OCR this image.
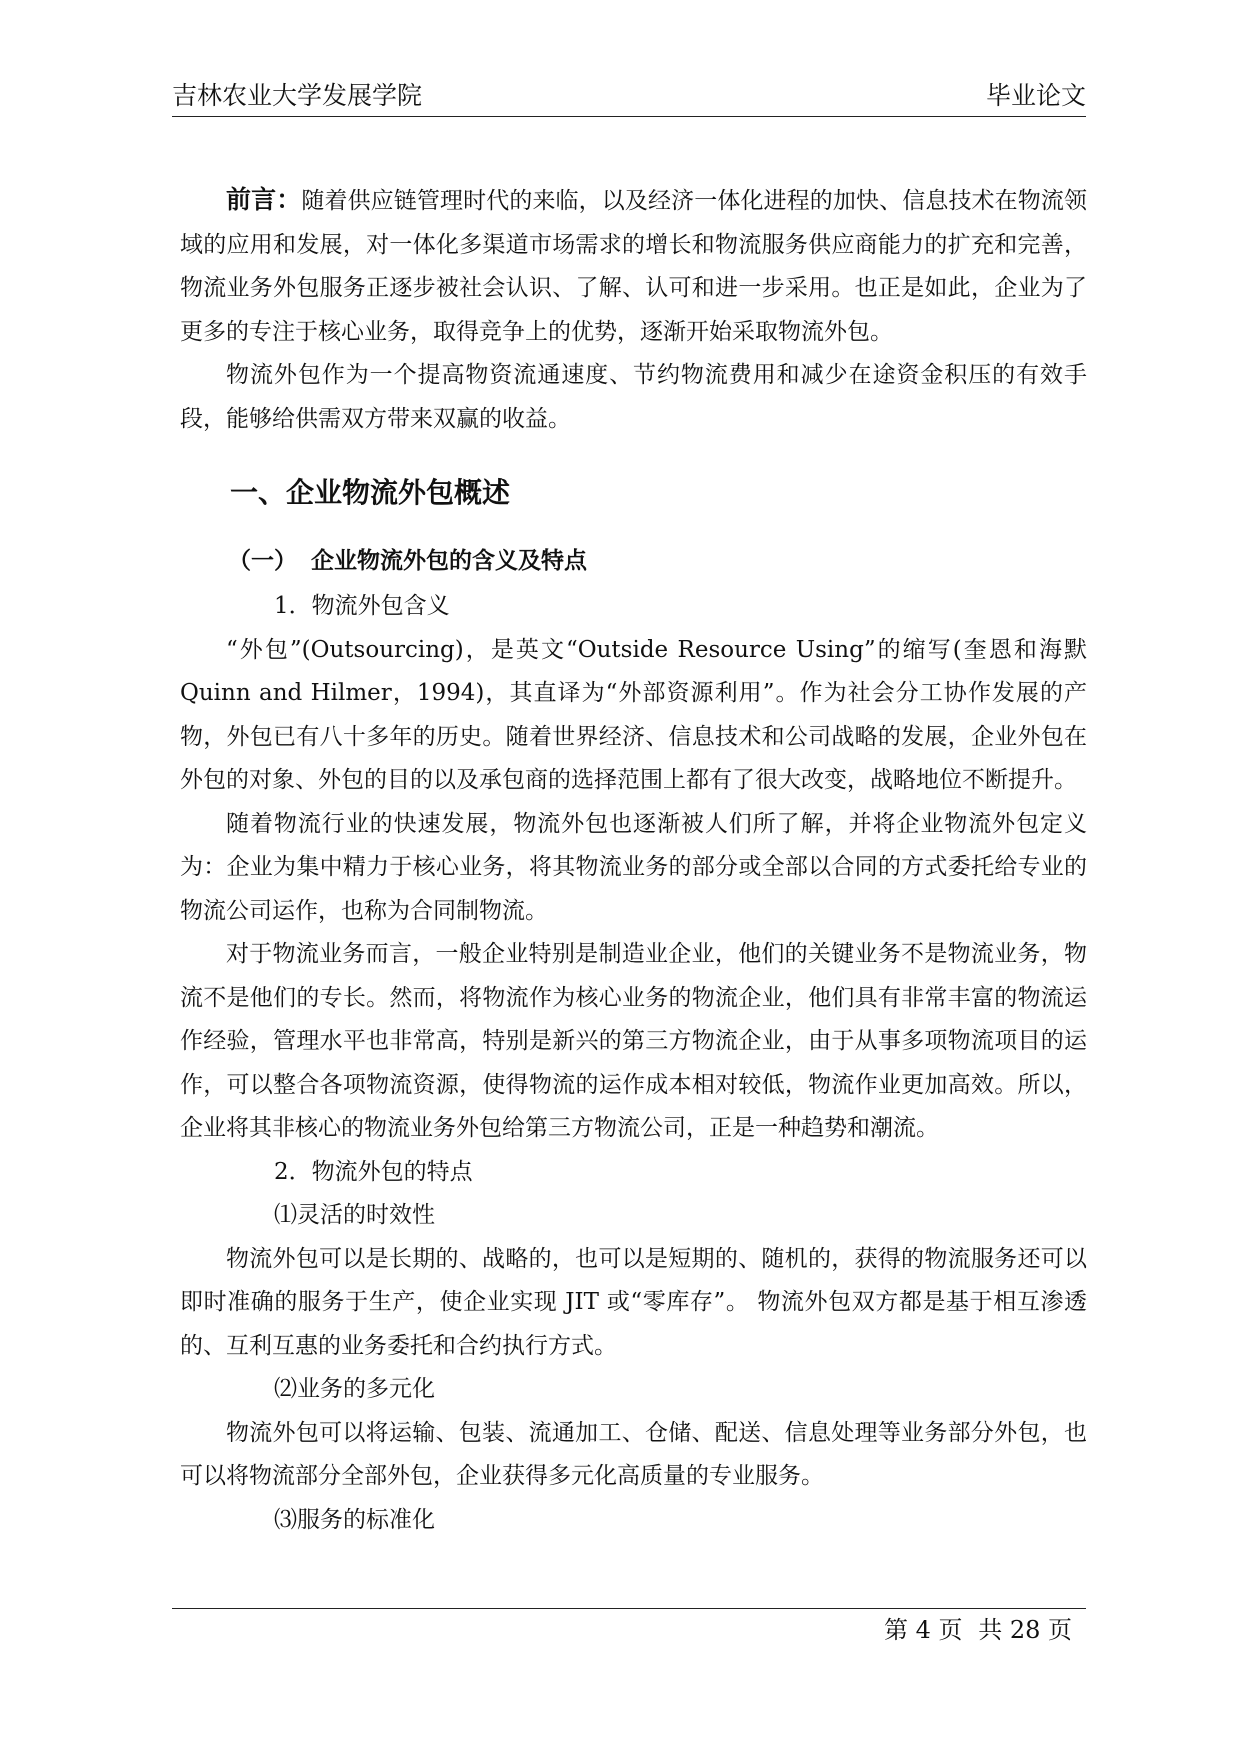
吉林农业大学发展学院	毕业论文

前言：随着供应链管理时代的来临，以及经济一体化进程的加快、信息技术在物流领域的应用和发展，对一体化多渠道市场需求的增长和物流服务供应商能力的扩充和完善，物流业务外包服务正逐步被社会认识、了解、认可和进一步采用。也正是如此，企业为了更多的专注于核心业务，取得竞争上的优势，逐渐开始采取物流外包。

物流外包作为一个提高物资流通速度、节约物流费用和减少在途资金积压的有效手段，能够给供需双方带来双赢的收益。

一、企业物流外包概述
（一） 企业物流外包的含义及特点

1．物流外包含义

“外包”(Outsourcing)，是英文“Outside Resource Using”的缩写(奎恩和海默 Quinn and Hilmer，1994)，其直译为“外部资源利用”。作为社会分工协作发展的产物，外包已有八十多年的历史。随着世界经济、信息技术和公司战略的发展，企业外包在外包的对象、外包的目的以及承包商的选择范围上都有了很大改变，战略地位不断提升。

随着物流行业的快速发展，物流外包也逐渐被人们所了解，并将企业物流外包定义为：企业为集中精力于核心业务，将其物流业务的部分或全部以合同的方式委托给专业的物流公司运作，也称为合同制物流。

对于物流业务而言，一般企业特别是制造业企业，他们的关键业务不是物流业务，物流不是他们的专长。然而，将物流作为核心业务的物流企业，他们具有非常丰富的物流运作经验，管理水平也非常高，特别是新兴的第三方物流企业，由于从事多项物流项目的运作，可以整合各项物流资源，使得物流的运作成本相对较低，物流作业更加高效。所以，企业将其非核心的物流业务外包给第三方物流公司，正是一种趋势和潮流。

2．物流外包的特点

⑴灵活的时效性

物流外包可以是长期的、战略的，也可以是短期的、随机的，获得的物流服务还可以即时准确的服务于生产，使企业实现 JIT 或“零库存”。 物流外包双方都是基于相互渗透的、互利互惠的业务委托和合约执行方式。

⑵业务的多元化

物流外包可以将运输、包装、流通加工、仓储、配送、信息处理等业务部分外包，也可以将物流部分全部外包，企业获得多元化高质量的专业服务。

⑶服务的标准化

第 4 页 共 28 页
